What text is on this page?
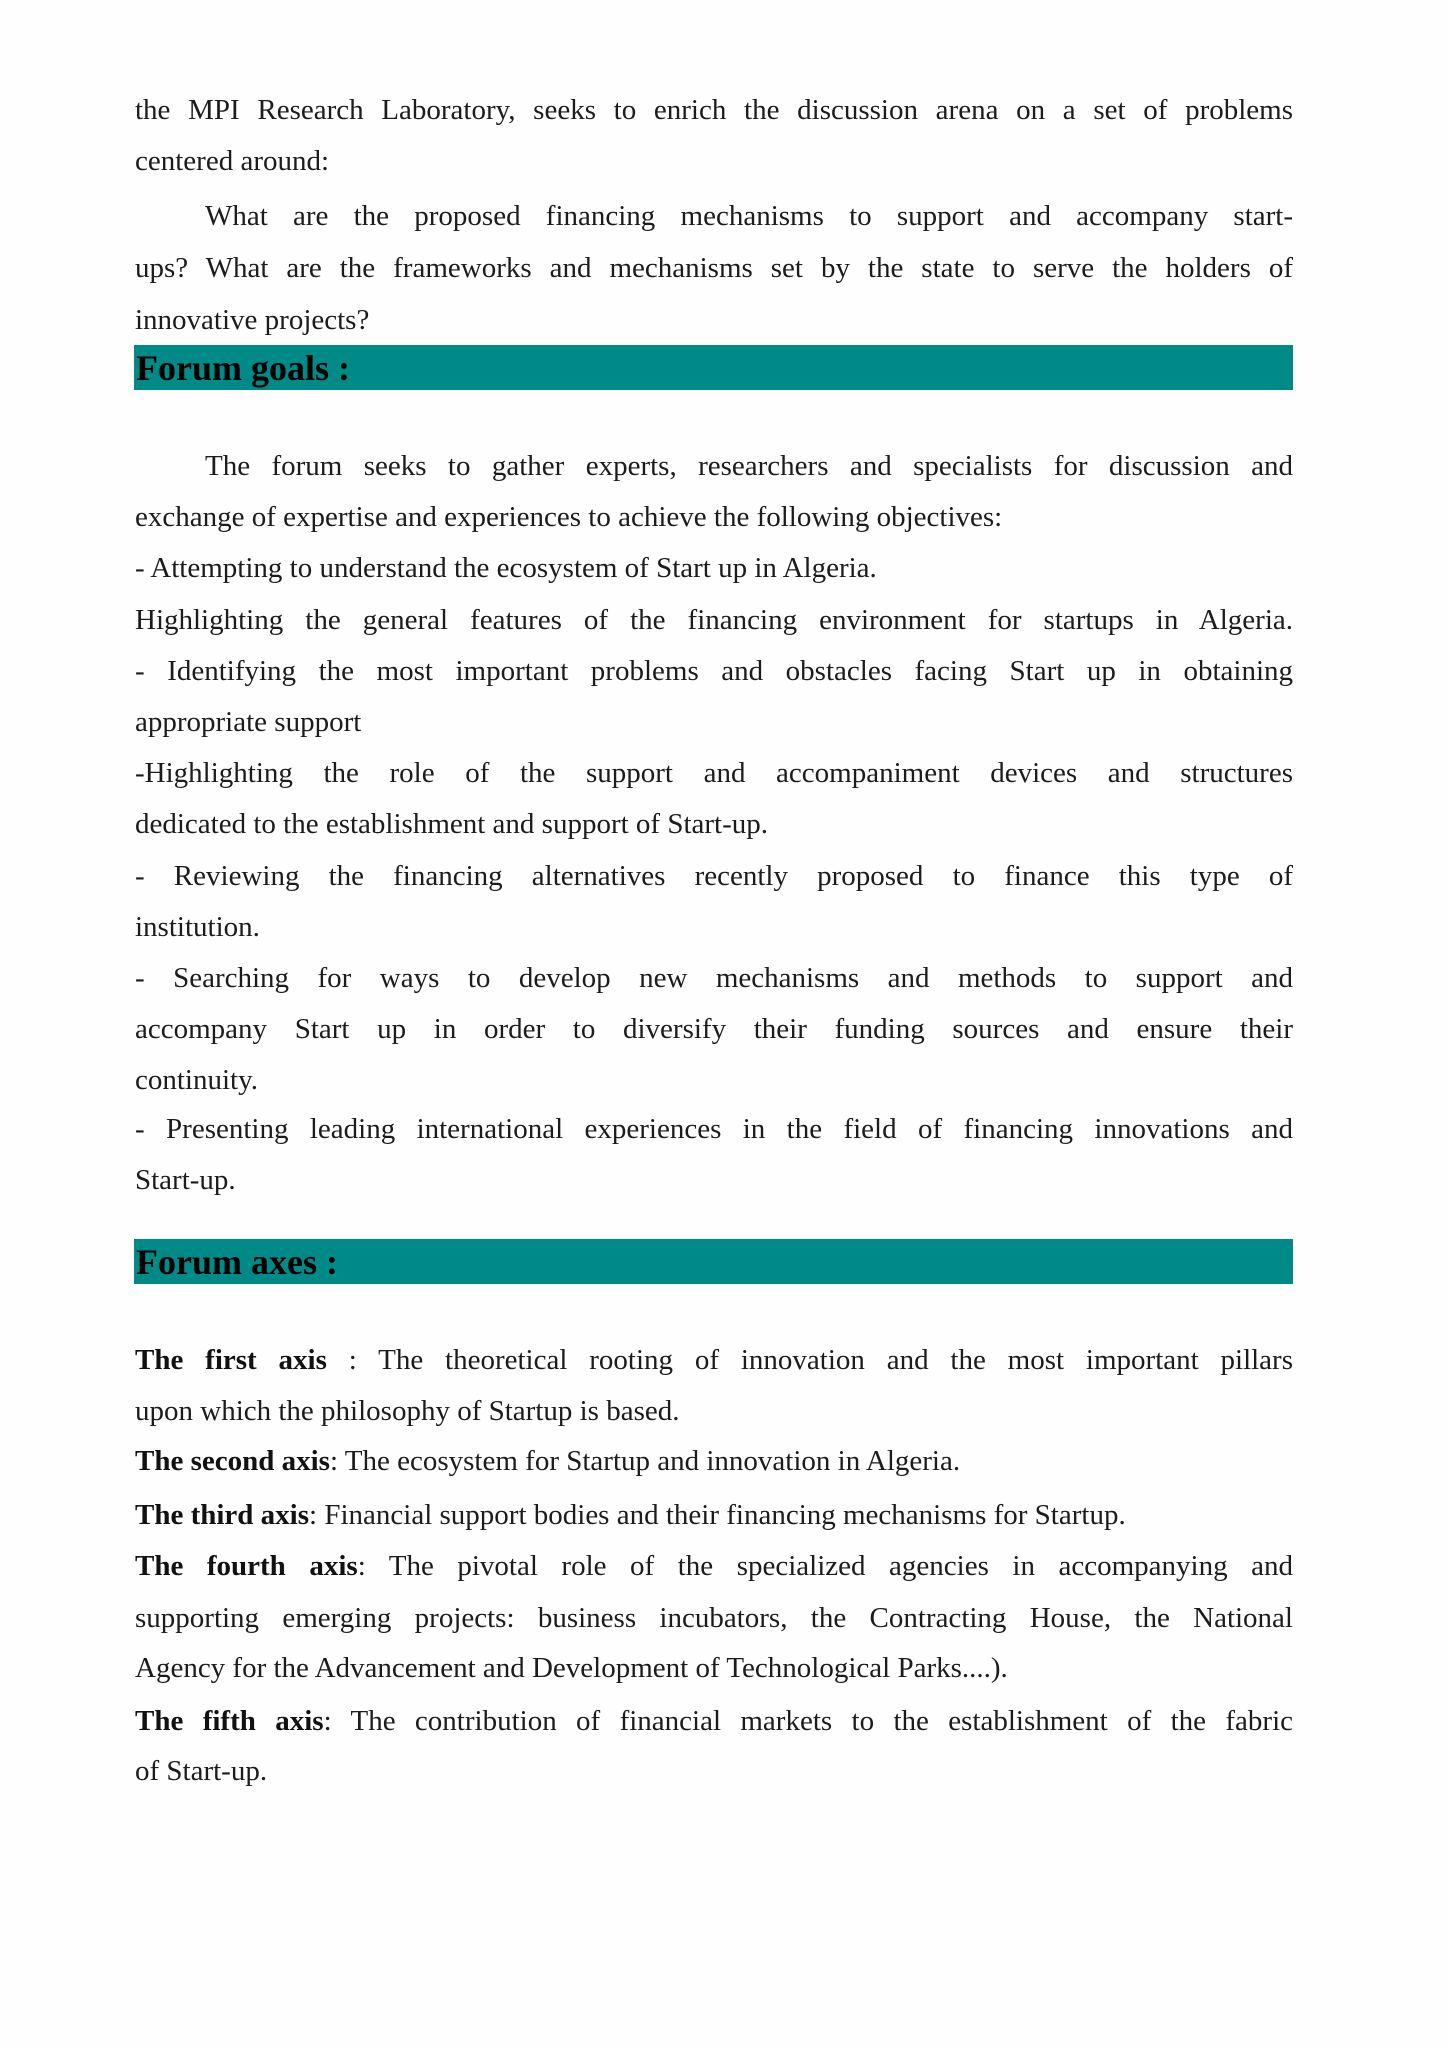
the MPI Research Laboratory, seeks to enrich the discussion arena on a set of problems
centered around:
What are the proposed financing mechanisms to support and accompany start-
ups? What are the frameworks and mechanisms set by the state to serve the holders of
innovative projects?
Forum goals :
The forum seeks to gather experts, researchers and specialists for discussion and
exchange of expertise and experiences to achieve the following objectives:
- Attempting to understand the ecosystem of Start up in Algeria.
Highlighting the general features of the financing environment for startups in Algeria.
- Identifying the most important problems and obstacles facing Start up in obtaining
appropriate support
-Highlighting the role of the support and accompaniment devices and structures
dedicated to the establishment and support of Start-up.
- Reviewing the financing alternatives recently proposed to finance this type of
institution.
- Searching for ways to develop new mechanisms and methods to support and
accompany Start up in order to diversify their funding sources and ensure their
continuity.
- Presenting leading international experiences in the field of financing innovations and
Start-up.
Forum axes :
The first axis : The theoretical rooting of innovation and the most important pillars
upon which the philosophy of Startup is based.
The second axis: The ecosystem for Startup and innovation in Algeria.
The third axis: Financial support bodies and their financing mechanisms for Startup.
The fourth axis: The pivotal role of the specialized agencies in accompanying and
supporting emerging projects: business incubators, the Contracting House, the National
Agency for the Advancement and Development of Technological Parks....).
The fifth axis: The contribution of financial markets to the establishment of the fabric
of Start-up.
